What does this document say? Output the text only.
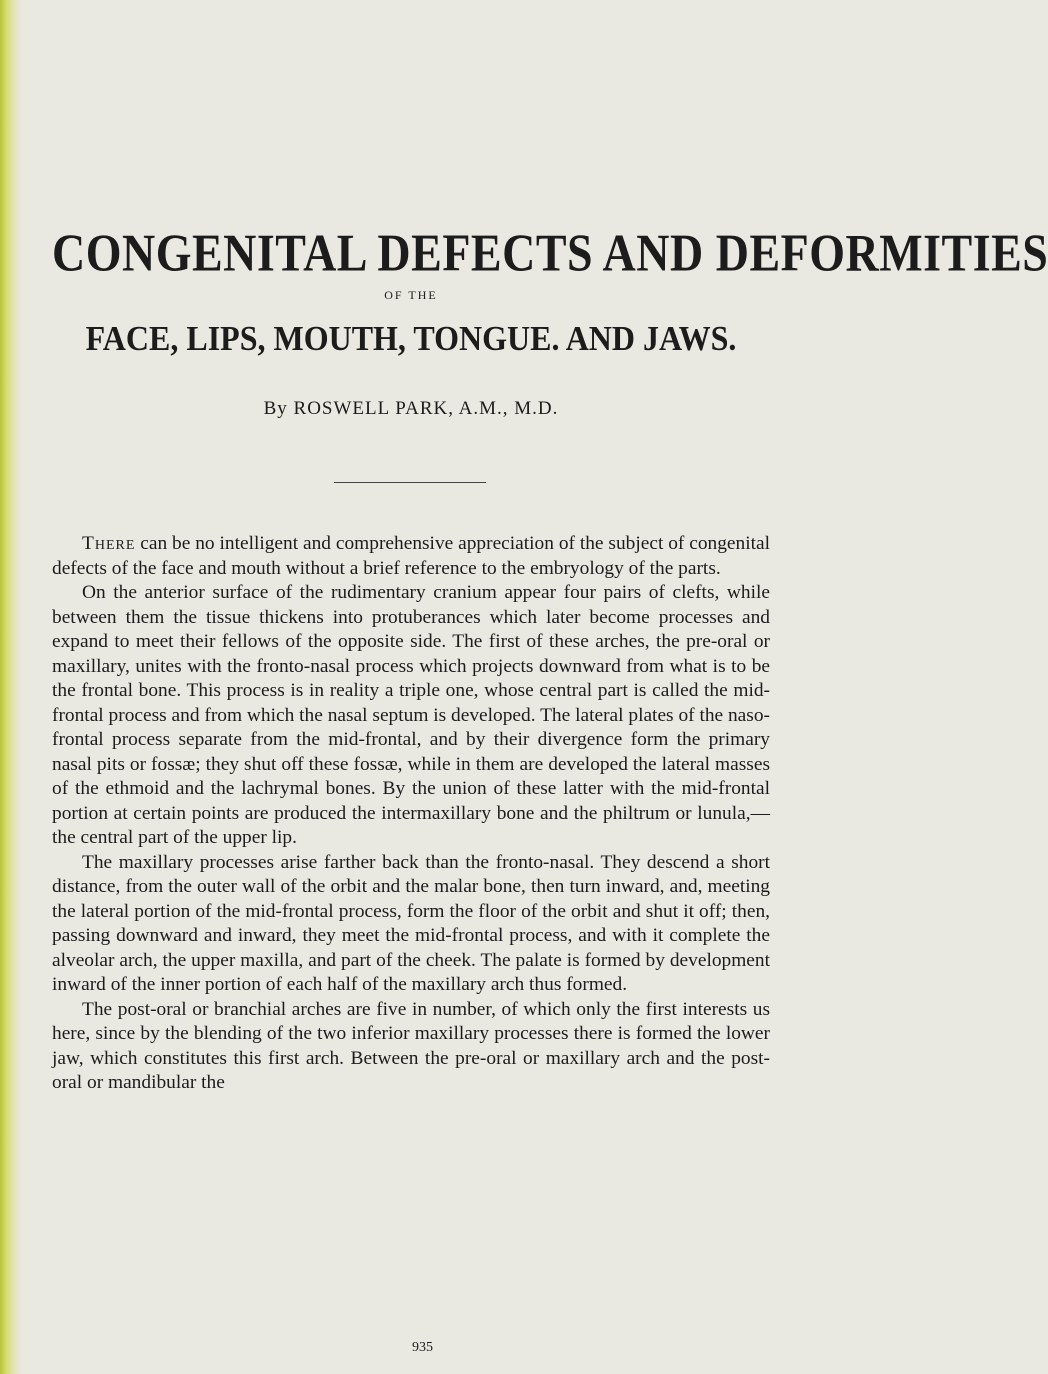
CONGENITAL DEFECTS AND DEFORMITIES
OF THE
FACE, LIPS, MOUTH, TONGUE. AND JAWS.
By ROSWELL PARK, A.M., M.D.

There can be no intelligent and comprehensive appreciation of the subject of congenital defects of the face and mouth without a brief reference to the embryology of the parts.

On the anterior surface of the rudimentary cranium appear four pairs of clefts, while between them the tissue thickens into protuberances which later become processes and expand to meet their fellows of the opposite side. The first of these arches, the pre-oral or maxillary, unites with the fronto-nasal process which projects downward from what is to be the frontal bone. This process is in reality a triple one, whose central part is called the mid-frontal process and from which the nasal septum is developed. The lateral plates of the naso-frontal process separate from the mid-frontal, and by their divergence form the primary nasal pits or fossæ; they shut off these fossæ, while in them are developed the lateral masses of the ethmoid and the lachrymal bones. By the union of these latter with the mid-frontal portion at certain points are produced the intermaxillary bone and the philtrum or lunula,—the central part of the upper lip.

The maxillary processes arise farther back than the fronto-nasal. They descend a short distance, from the outer wall of the orbit and the malar bone, then turn inward, and, meeting the lateral portion of the mid-frontal process, form the floor of the orbit and shut it off; then, passing downward and inward, they meet the mid-frontal process, and with it complete the alveolar arch, the upper maxilla, and part of the cheek. The palate is formed by development inward of the inner portion of each half of the maxillary arch thus formed.

The post-oral or branchial arches are five in number, of which only the first interests us here, since by the blending of the two inferior maxillary processes there is formed the lower jaw, which constitutes this first arch. Between the pre-oral or maxillary arch and the post-oral or mandibular the

935
